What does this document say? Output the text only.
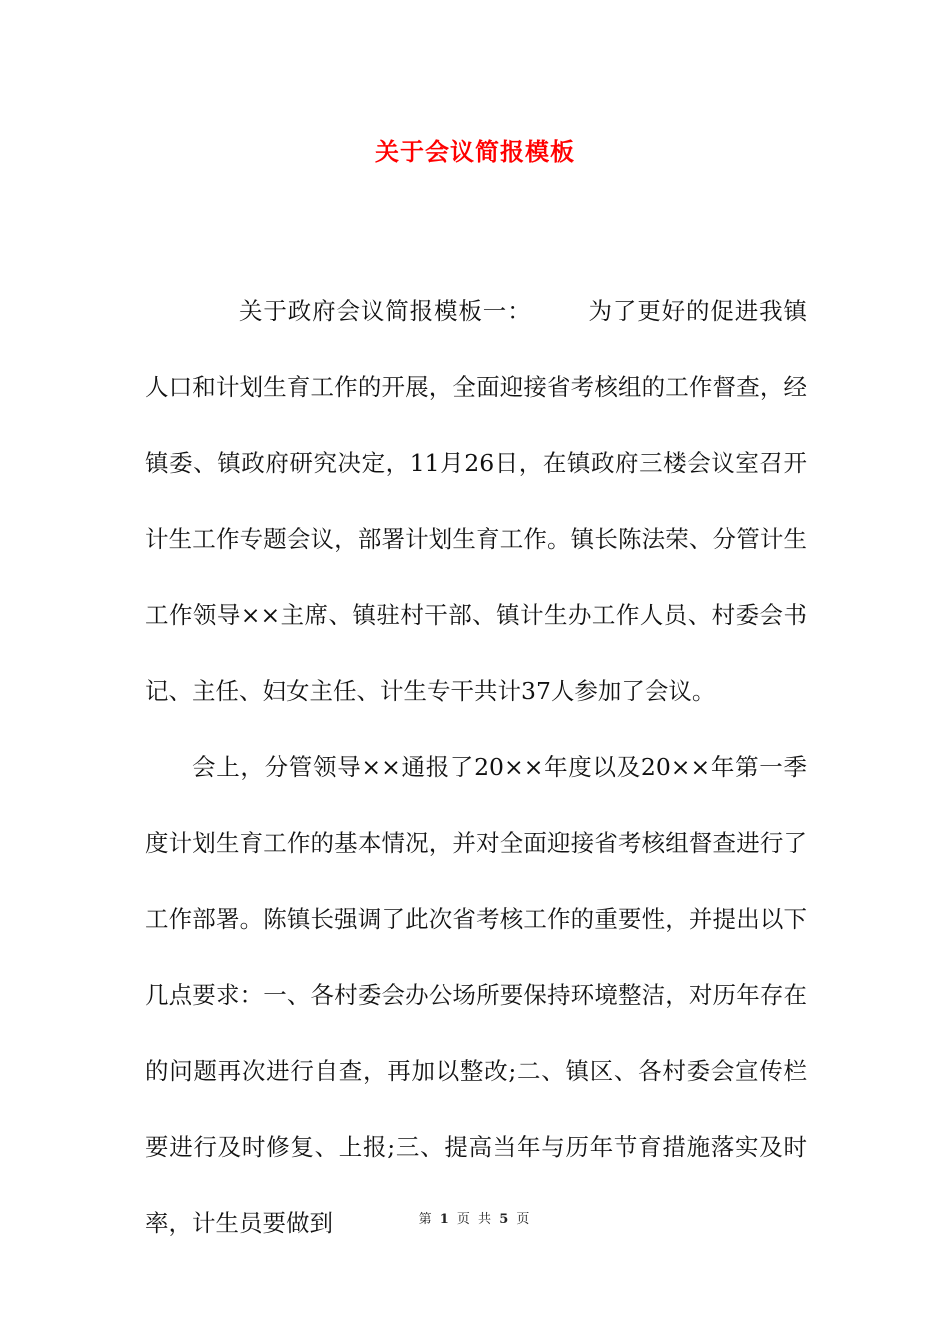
关于会议简报模板

关于政府会议简报模板一： 为了更好的促进我镇人口和计划生育工作的开展，全面迎接省考核组的工作督查，经镇委、镇政府研究决定，11月26日，在镇政府三楼会议室召开计生工作专题会议，部署计划生育工作。镇长陈法荣、分管计生工作领导××主席、镇驻村干部、镇计生办工作人员、村委会书记、主任、妇女主任、计生专干共计37人参加了会议。

会上，分管领导××通报了20××年度以及20××年第一季度计划生育工作的基本情况，并对全面迎接省考核组督查进行了工作部署。陈镇长强调了此次省考核工作的重要性，并提出以下几点要求：一、各村委会办公场所要保持环境整洁，对历年存在的问题再次进行自查，再加以整改;二、镇区、各村委会宣传栏要进行及时修复、上报;三、提高当年与历年节育措施落实及时率，计生员要做到	第 1 页 共 5 页
